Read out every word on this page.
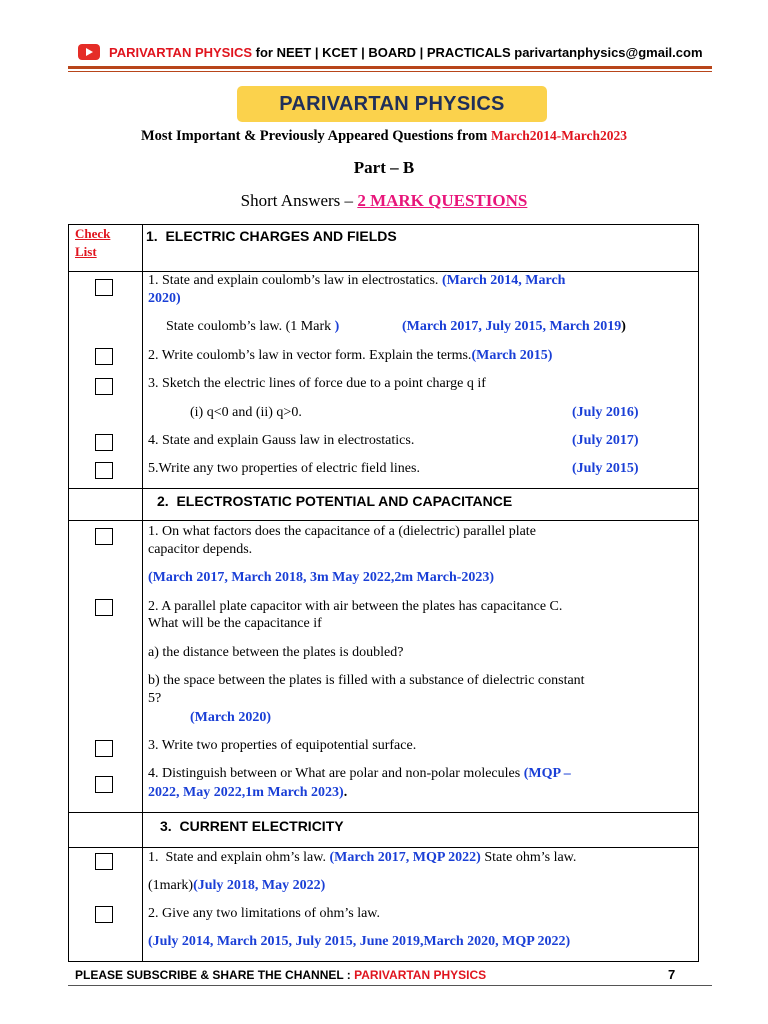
PARIVARTAN PHYSICS for NEET | KCET | BOARD | PRACTICALS parivartanphysics@gmail.com
PARIVARTAN PHYSICS
Most Important & Previously Appeared Questions from March2014-March2023
Part – B
Short Answers – 2 MARK QUESTIONS
Check
List
1. ELECTRIC CHARGES AND FIELDS
1. State and explain coulomb’s law in electrostatics. (March 2014, March
2020)
State coulomb’s law. (1 Mark )	(March 2017, July 2015, March 2019)
2. Write coulomb’s law in vector form. Explain the terms.(March 2015)
3. Sketch the electric lines of force due to a point charge q if
(i) q<0 and (ii) q>0.	(July 2016)
4. State and explain Gauss law in electrostatics.	(July 2017)
5.Write any two properties of electric field lines.	(July 2015)
2. ELECTROSTATIC POTENTIAL AND CAPACITANCE
1. On what factors does the capacitance of a (dielectric) parallel plate
capacitor depends.
(March 2017, March 2018, 3m May 2022,2m March-2023)
2. A parallel plate capacitor with air between the plates has capacitance C.
What will be the capacitance if
a) the distance between the plates is doubled?
b) the space between the plates is filled with a substance of dielectric constant
5?
(March 2020)
3. Write two properties of equipotential surface.
4. Distinguish between or What are polar and non-polar molecules (MQP –
2022, May 2022,1m March 2023).
3. CURRENT ELECTRICITY
1.  State and explain ohm’s law. (March 2017, MQP 2022) State ohm’s law.
(1mark)(July 2018, May 2022)
2. Give any two limitations of ohm’s law.
(July 2014, March 2015, July 2015, June 2019,March 2020, MQP 2022)
PLEASE SUBSCRIBE & SHARE THE CHANNEL : PARIVARTAN PHYSICS	7
